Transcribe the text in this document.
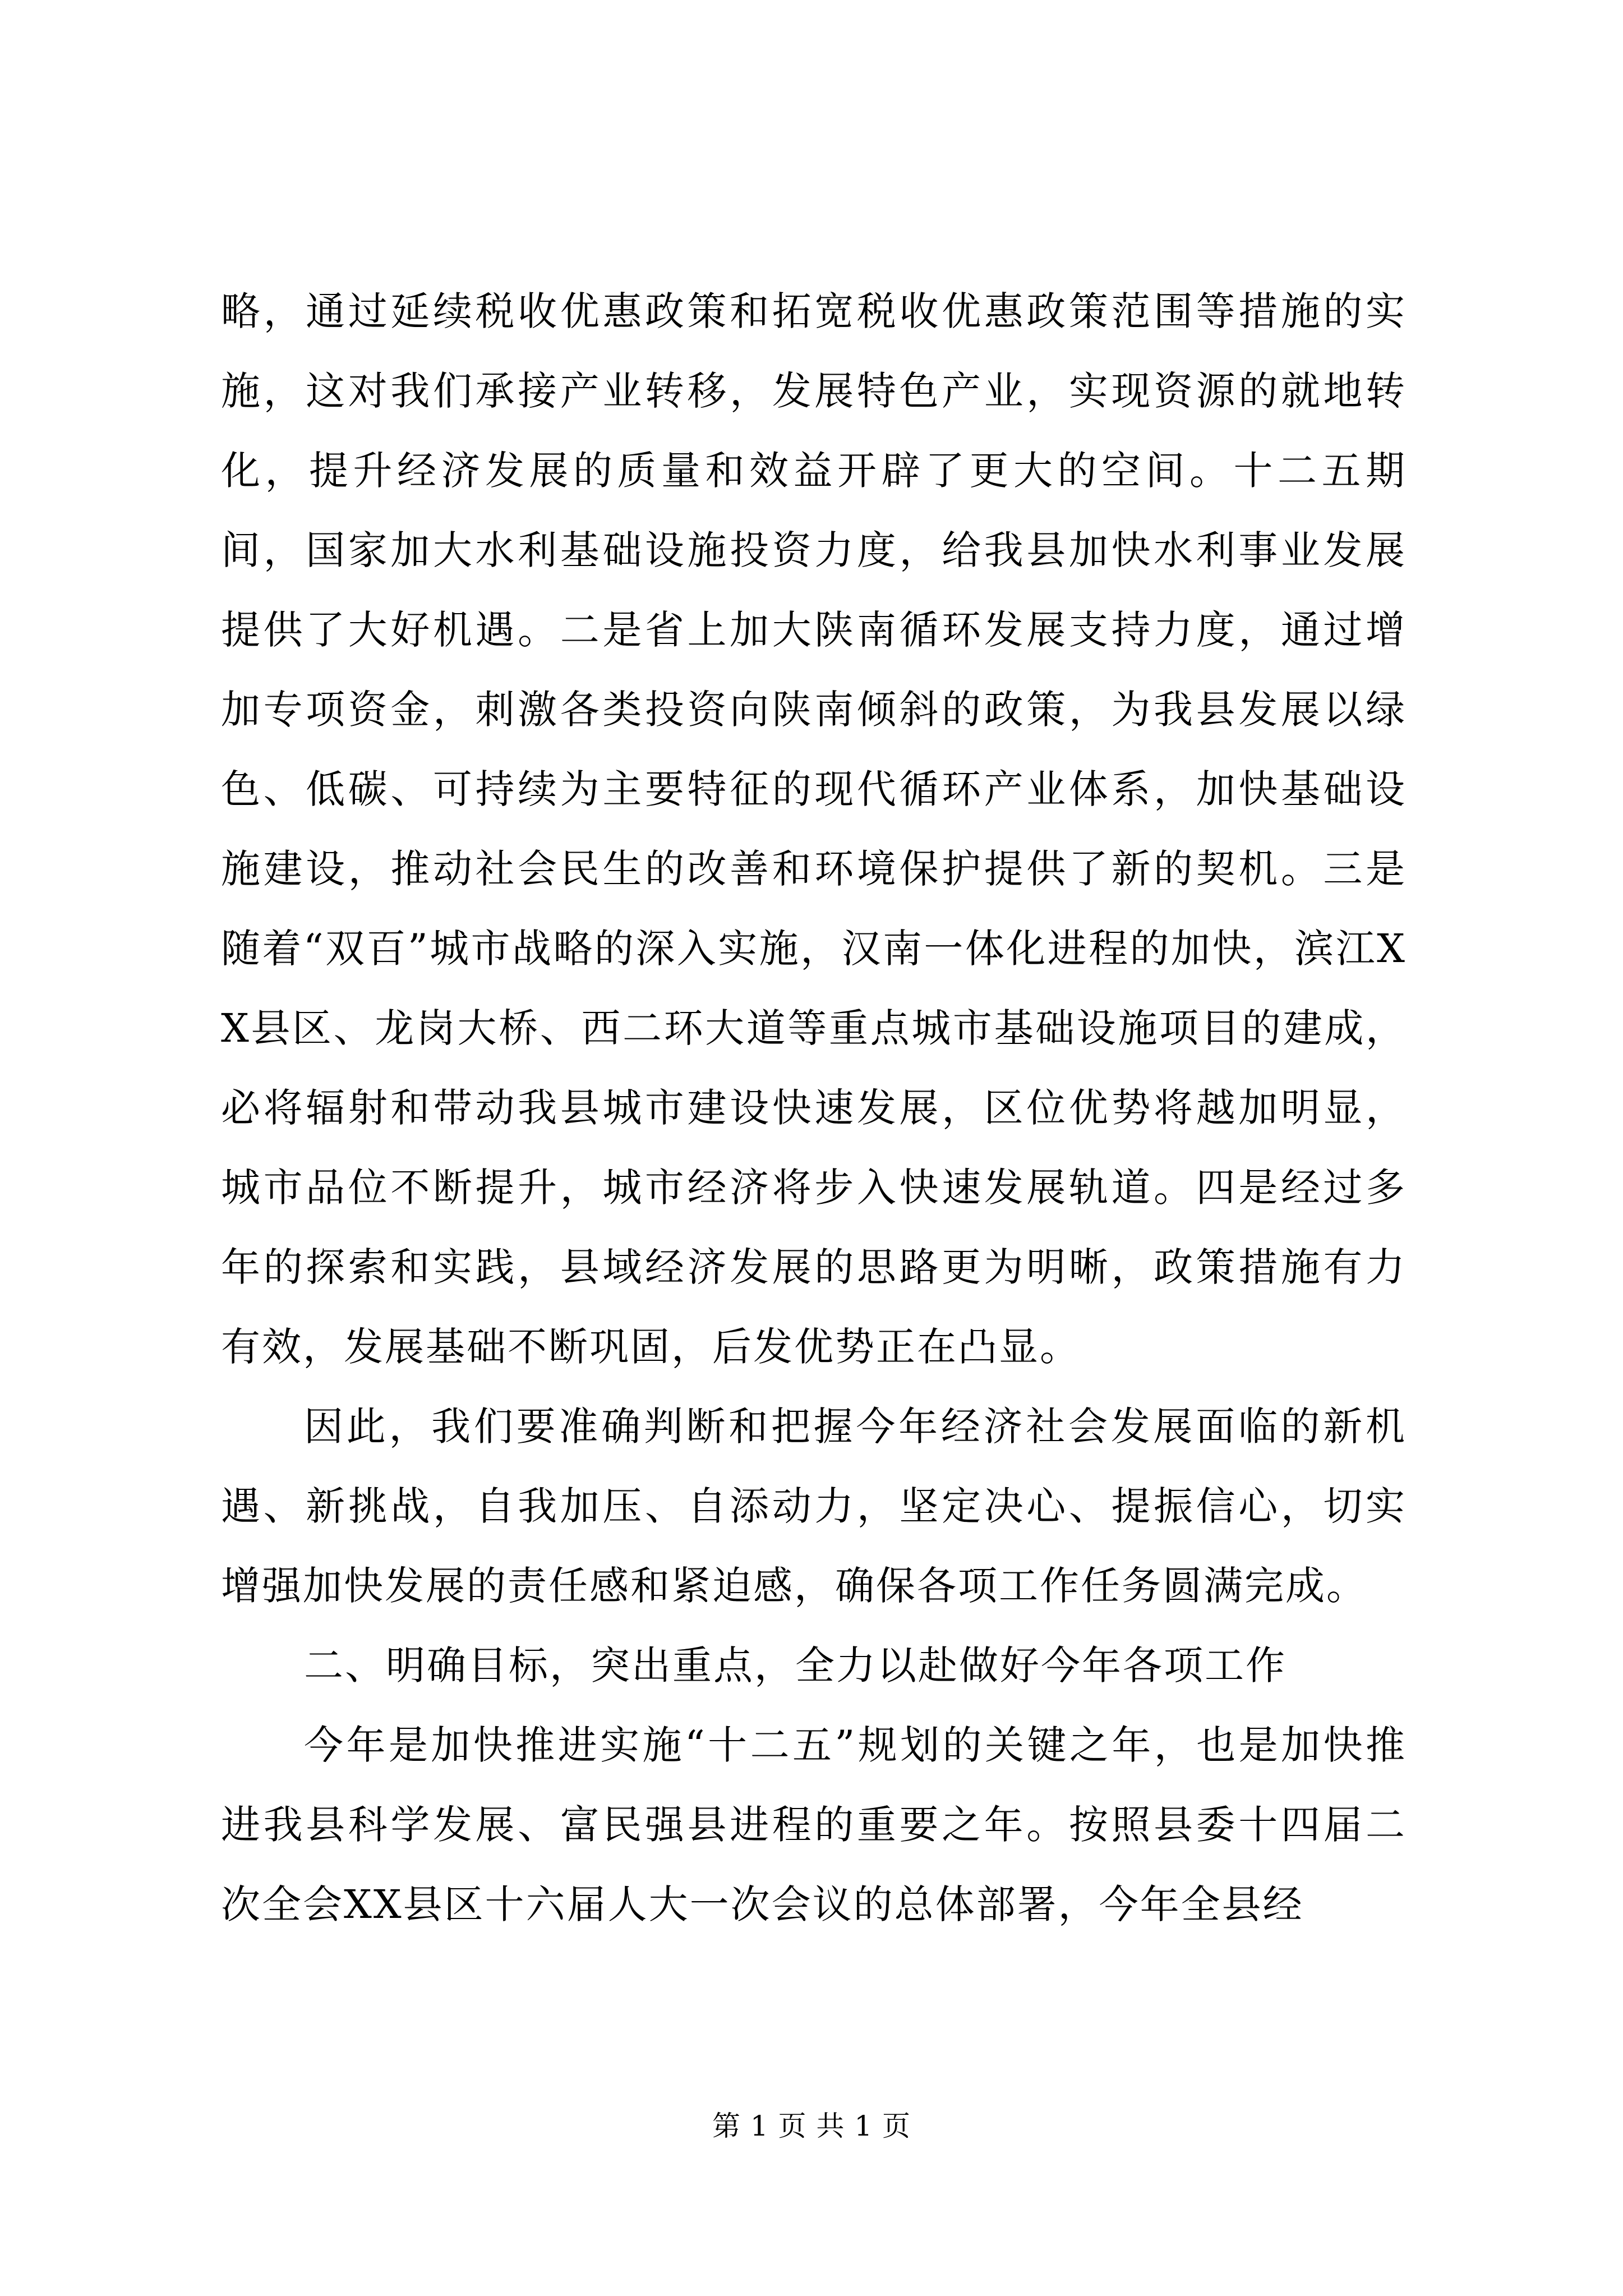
略，通过延续税收优惠政策和拓宽税收优惠政策范围等措施的实施，这对我们承接产业转移，发展特色产业，实现资源的就地转化，提升经济发展的质量和效益开辟了更大的空间。十二五期间，国家加大水利基础设施投资力度，给我县加快水利事业发展提供了大好机遇。二是省上加大陕南循环发展支持力度，通过增加专项资金，刺激各类投资向陕南倾斜的政策，为我县发展以绿色、低碳、可持续为主要特征的现代循环产业体系，加快基础设施建设，推动社会民生的改善和环境保护提供了新的契机。三是随着“双百”城市战略的深入实施，汉南一体化进程的加快，滨江XX县区、龙岗大桥、西二环大道等重点城市基础设施项目的建成，必将辐射和带动我县城市建设快速发展，区位优势将越加明显，城市品位不断提升，城市经济将步入快速发展轨道。四是经过多年的探索和实践，县域经济发展的思路更为明晰，政策措施有力有效，发展基础不断巩固，后发优势正在凸显。

因此，我们要准确判断和把握今年经济社会发展面临的新机遇、新挑战，自我加压、自添动力，坚定决心、提振信心，切实增强加快发展的责任感和紧迫感，确保各项工作任务圆满完成。

二、明确目标，突出重点，全力以赴做好今年各项工作

今年是加快推进实施“十二五”规划的关键之年，也是加快推进我县科学发展、富民强县进程的重要之年。按照县委十四届二次全会XX县区十六届人大一次会议的总体部署，今年全县经

第 1 页 共 1 页
